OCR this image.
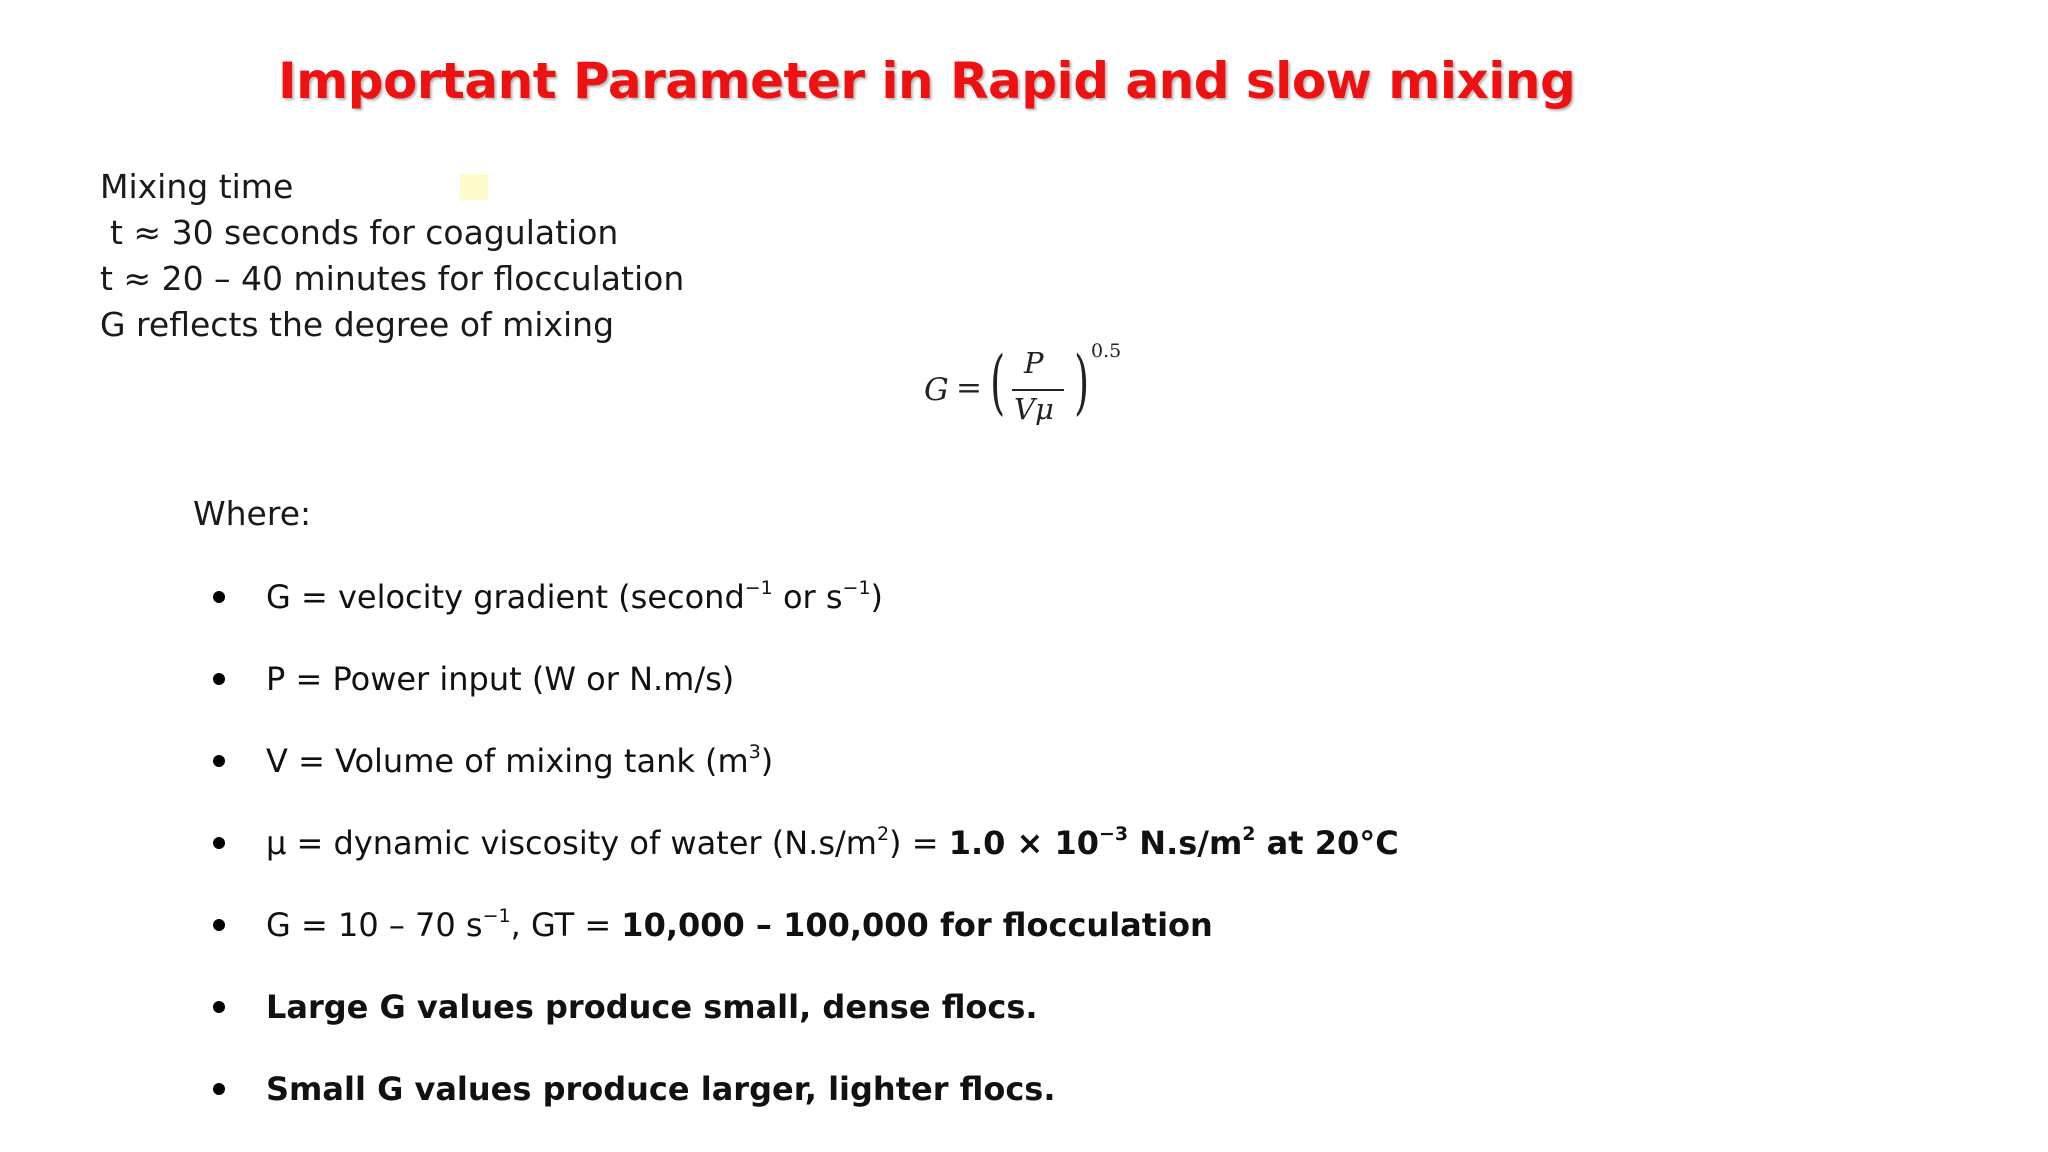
Important Parameter in Rapid and slow mixing
Mixing time
t ≈ 30 seconds for coagulation
t ≈ 20 – 40 minutes for flocculation
G reflects the degree of mixing
G = ( P
Vμ ) 0.5
Where:
G = velocity gradient (second$^{-1}$ or $s^{-1}$)
P = Power input (W or N.m/s)
V = Volume of mixing tank $(m^3)$
μ = dynamic viscosity of water $(N.s/m^2) = 1.0 \times 10^{-3}$ $N.s/m^2$ at 20°C
G = 10 – 70 $s^{-1}$, GT = 10,000 – 100,000 for flocculation
Large G values produce small, dense flocs.
Small G values produce larger, lighter flocs.
